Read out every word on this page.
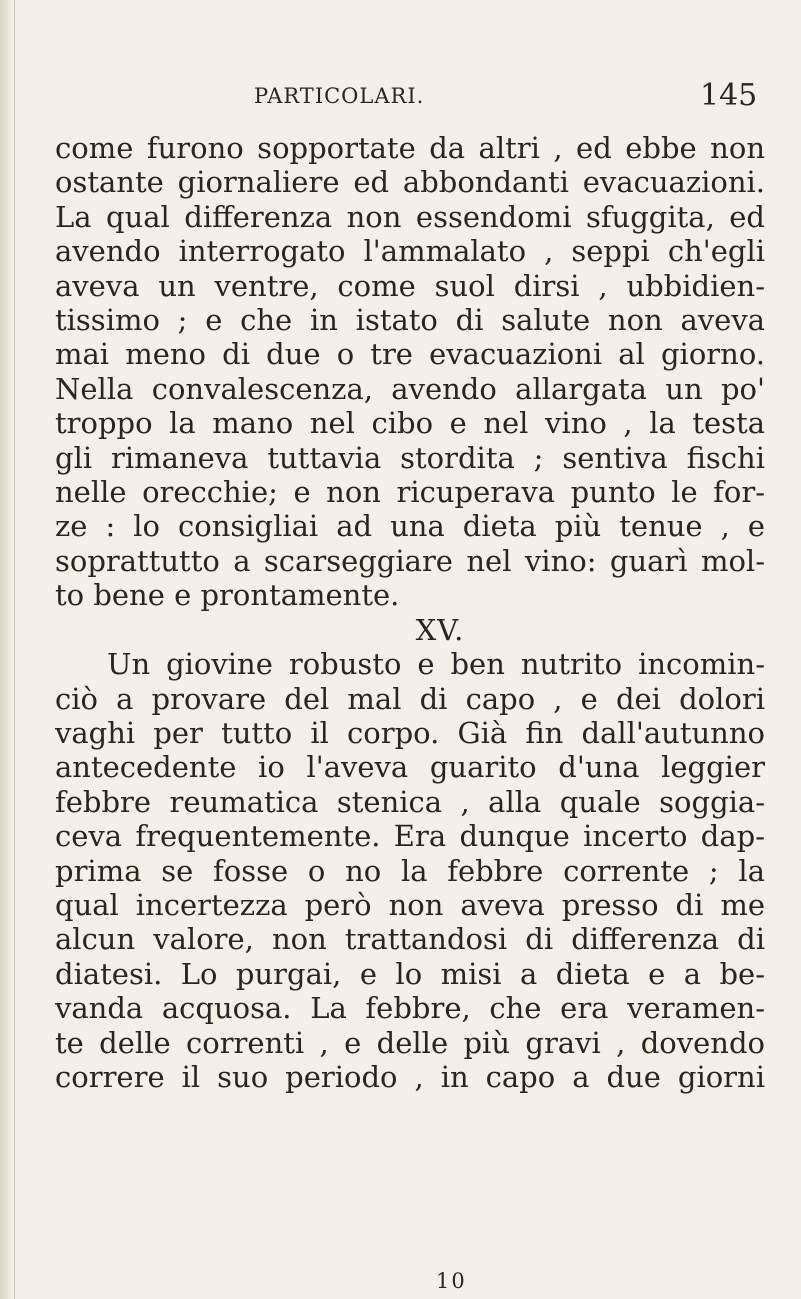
PARTICOLARI.	145
come furono sopportate da altri , ed ebbe non
ostante giornaliere ed abbondanti evacuazioni.
La qual differenza non essendomi sfuggita, ed
avendo interrogato l'ammalato , seppi ch'egli
aveva un ventre, come suol dirsi , ubbidien-
tissimo ; e che in istato di salute non aveva
mai meno di due o tre evacuazioni al giorno.
Nella convalescenza, avendo allargata un po'
troppo la mano nel cibo e nel vino , la testa
gli rimaneva tuttavia stordita ; sentiva fischi
nelle orecchie; e non ricuperava punto le for-
ze : lo consigliai ad una dieta più tenue , e
soprattutto a scarseggiare nel vino: guarì mol-
to bene e prontamente.
XV.
Un giovine robusto e ben nutrito incomin-
ciò a provare del mal di capo , e dei dolori
vaghi per tutto il corpo. Già fin dall'autunno
antecedente io l'aveva guarito d'una leggier
febbre reumatica stenica , alla quale soggia-
ceva frequentemente. Era dunque incerto dap-
prima se fosse o no la febbre corrente ; la
qual incertezza però non aveva presso di me
alcun valore, non trattandosi di differenza di
diatesi. Lo purgai, e lo misi a dieta e a be-
vanda acquosa. La febbre, che era veramen-
te delle correnti , e delle più gravi , dovendo
correre il suo periodo , in capo a due giorni
10
